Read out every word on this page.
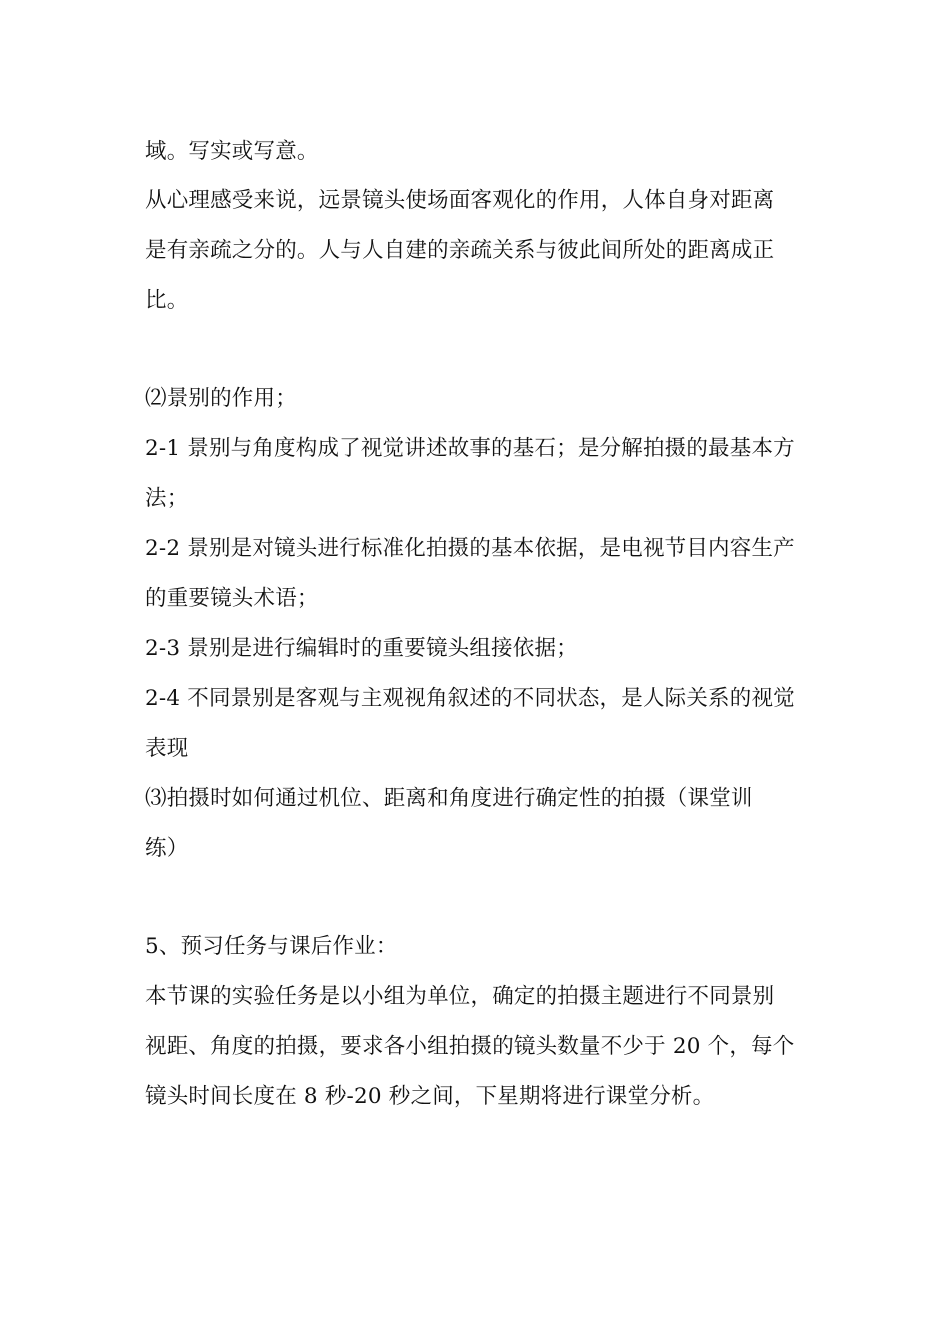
域。写实或写意。
从心理感受来说，远景镜头使场面客观化的作用，人体自身对距离
是有亲疏之分的。人与人自建的亲疏关系与彼此间所处的距离成正
比。
⑵景别的作用；
2-1 景别与角度构成了视觉讲述故事的基石；是分解拍摄的最基本方
法；
2-2 景别是对镜头进行标准化拍摄的基本依据，是电视节目内容生产
的重要镜头术语；
2-3 景别是进行编辑时的重要镜头组接依据；
2-4 不同景别是客观与主观视角叙述的不同状态，是人际关系的视觉
表现
⑶拍摄时如何通过机位、距离和角度进行确定性的拍摄（课堂训
练）
5、预习任务与课后作业：
本节课的实验任务是以小组为单位，确定的拍摄主题进行不同景别
视距、角度的拍摄，要求各小组拍摄的镜头数量不少于 20 个，每个
镜头时间长度在 8 秒-20 秒之间，下星期将进行课堂分析。
